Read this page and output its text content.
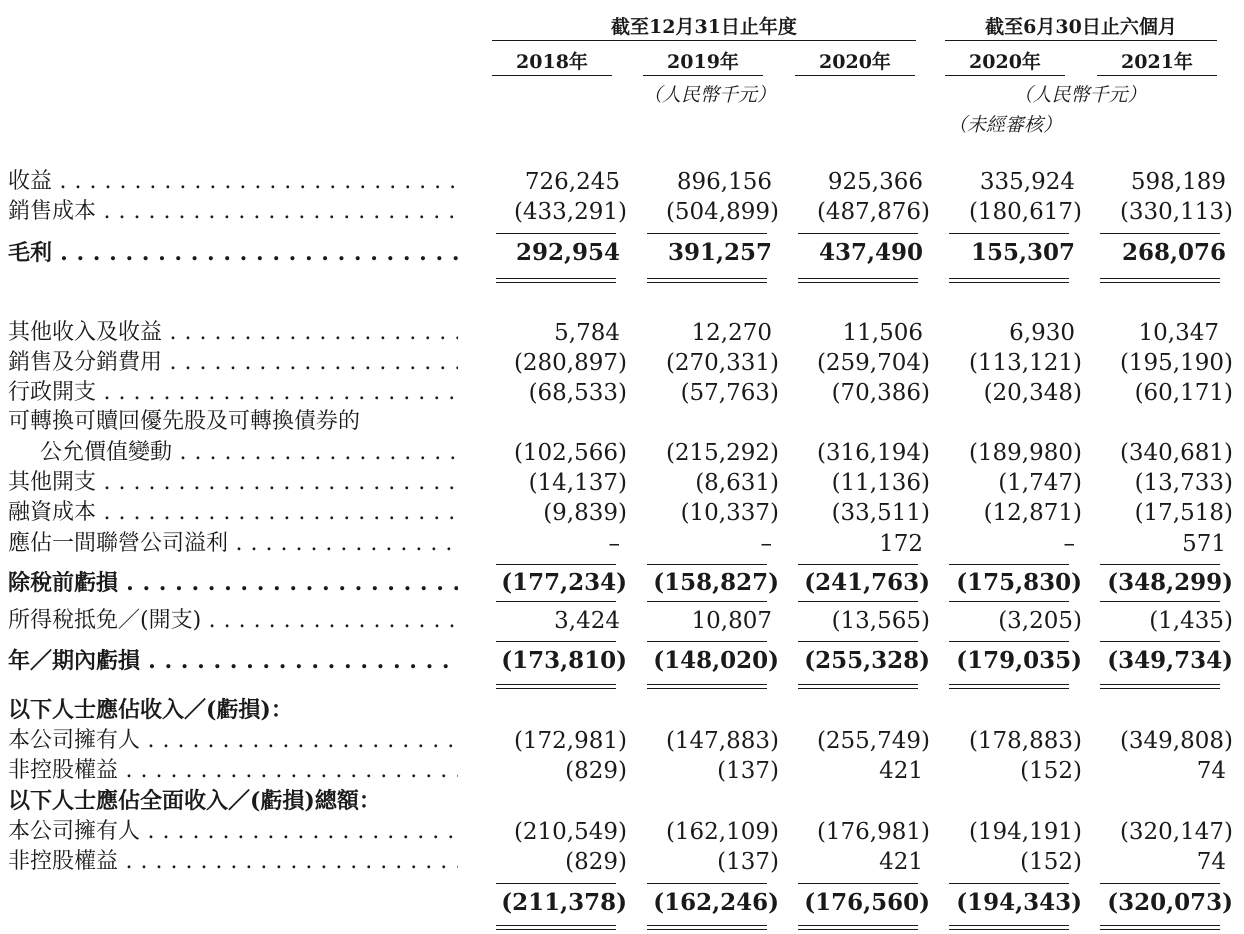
截至12月31日止年度	截至6月30日止六個月
2018年	2019年	2020年	2020年	2021年
（人民幣千元）	（人民幣千元）
（未經審核）
收益 . . .	726,245	896,156	925,366	335,924	598,189
銷售成本 . . .	(433,291)	(504,899)	(487,876)	(180,617)	(330,113)
毛利 . . .	292,954	391,257	437,490	155,307	268,076
其他收入及收益 . . .	5,784	12,270	11,506	6,930	10,347
銷售及分銷費用 . . .	(280,897)	(270,331)	(259,704)	(113,121)	(195,190)
行政開支 . . .	(68,533)	(57,763)	(70,386)	(20,348)	(60,171)
可轉換可贖回優先股及可轉換債券的
公允價值變動 . . .	(102,566)	(215,292)	(316,194)	(189,980)	(340,681)
其他開支 . . .	(14,137)	(8,631)	(11,136)	(1,747)	(13,733)
融資成本 . . .	(9,839)	(10,337)	(33,511)	(12,871)	(17,518)
應佔一間聯營公司溢利 . . .	–	–	172	–	571
除稅前虧損 . . .	(177,234)	(158,827)	(241,763)	(175,830)	(348,299)
所得稅抵免／(開支) . . .	3,424	10,807	(13,565)	(3,205)	(1,435)
年／期內虧損 . . .	(173,810)	(148,020)	(255,328)	(179,035)	(349,734)
以下人士應佔收入／(虧損)：
本公司擁有人 . . .	(172,981)	(147,883)	(255,749)	(178,883)	(349,808)
非控股權益 . . .	(829)	(137)	421	(152)	74
以下人士應佔全面收入／(虧損)總額：
本公司擁有人 . . .	(210,549)	(162,109)	(176,981)	(194,191)	(320,147)
非控股權益 . . .	(829)	(137)	421	(152)	74
(211,378)	(162,246)	(176,560)	(194,343)	(320,073)
